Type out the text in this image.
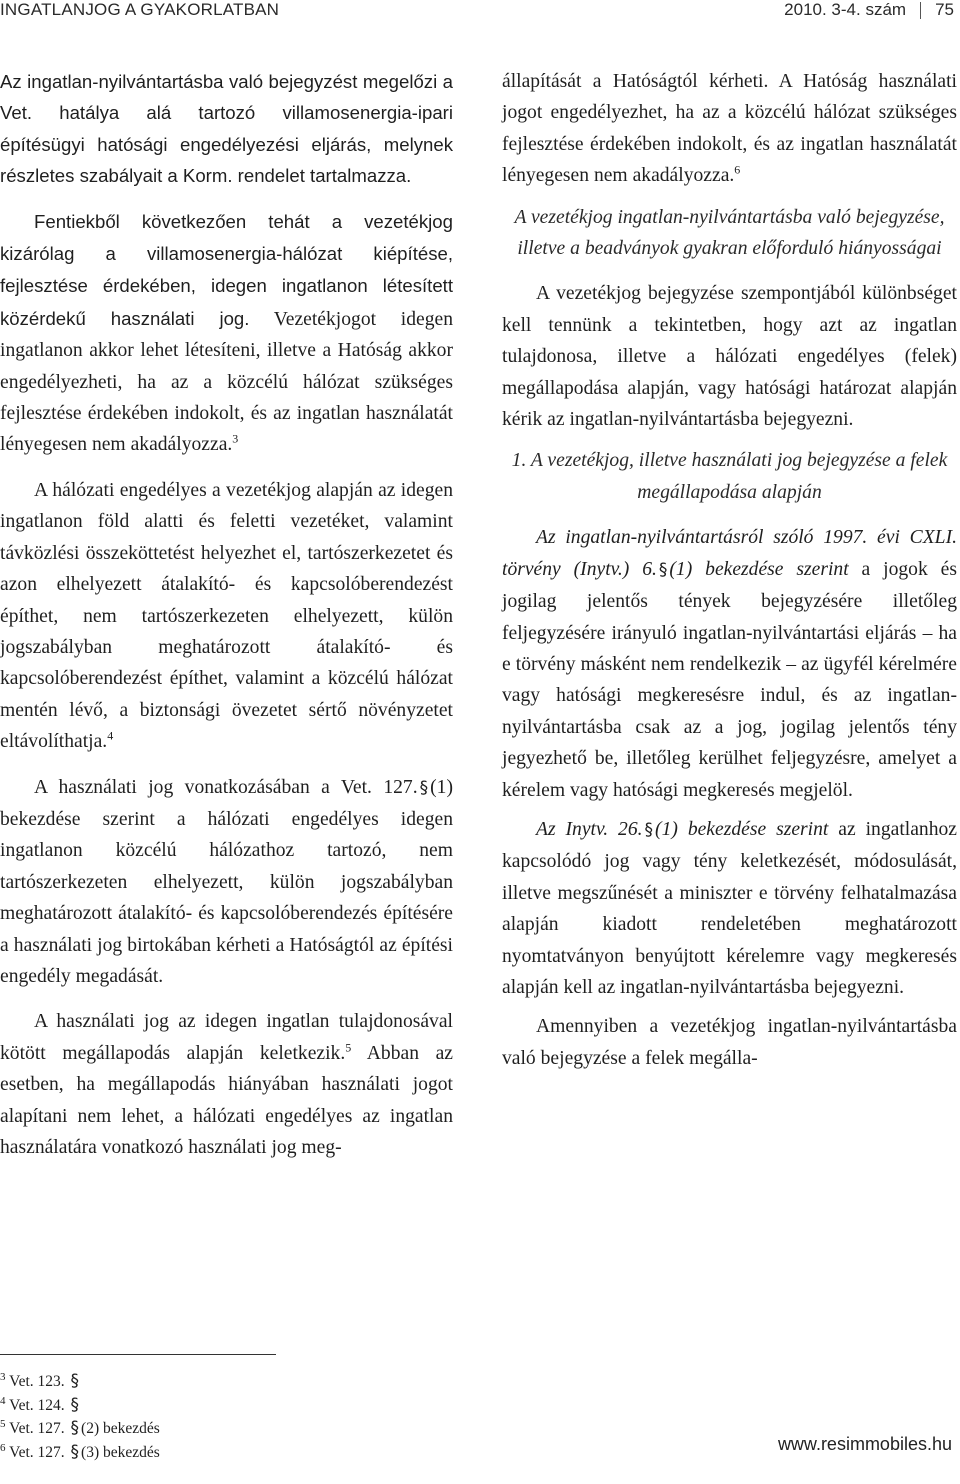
INGATLANJOG A GYAKORLATBAN	2010. 3-4. szám 75

Az ingatlan-nyilvántartásba való bejegyzést megelőzi a Vet. hatálya alá tartozó villamosenergia-ipari építésügyi hatósági engedélyezési eljárás, melynek részletes szabályait a Korm. rendelet tartalmazza.

Fentiekből következően tehát a vezetékjog kizárólag a villamosenergia-hálózat kiépítése, fejlesztése érdekében, idegen ingatlanon létesített közérdekű használati jog. Vezetékjogot idegen ingatlanon akkor lehet létesíteni, illetve a Hatóság akkor engedélyezheti, ha az a közcélú hálózat szükséges fejlesztése érdekében indokolt, és az ingatlan használatát lényegesen nem akadályozza.$^3$

A hálózati engedélyes a vezetékjog alapján az idegen ingatlanon föld alatti és feletti vezetéket, valamint távközlési összeköttetést helyezhet el, tartószerkezetet és azon elhelyezett átalakító- és kapcsolóberendezést építhet, nem tartószerkezeten elhelyezett, külön jogszabályban meghatározott átalakító- és kapcsolóberendezést építhet, valamint a közcélú hálózat mentén lévő, a biztonsági övezetet sértő növényzetet eltávolíthatja.$^4$

A használati jog vonatkozásában a Vet. 127. § (1) bekezdése szerint a hálózati engedélyes idegen ingatlanon közcélú hálózathoz tartozó, nem tartószerkezeten elhelyezett, külön jogszabályban meghatározott átalakító- és kapcsolóberendezés építésére a használati jog birtokában kérheti a Hatóságtól az építési engedély megadását.

A használati jog az idegen ingatlan tulajdonosával kötött megállapodás alapján keletkezik.$^5$ Abban az esetben, ha megállapodás hiányában használati jogot alapítani nem lehet, a hálózati engedélyes az ingatlan használatára vonatkozó használati jog meg-

állapítását a Hatóságtól kérheti. A Hatóság használati jogot engedélyezhet, ha az a közcélú hálózat szükséges fejlesztése érdekében indokolt, és az ingatlan használatát lényegesen nem akadályozza.$^6$

A vezetékjog ingatlan-nyilvántartásba való bejegyzése, illetve a beadványok gyakran előforduló hiányosságai

A vezetékjog bejegyzése szempontjából különbséget kell tennünk a tekintetben, hogy azt az ingatlan tulajdonosa, illetve a hálózati engedélyes (felek) megállapodása alapján, vagy hatósági határozat alapján kérik az ingatlan-nyilvántartásba bejegyezni.

1. A vezetékjog, illetve használati jog bejegyzése a felek megállapodása alapján

Az ingatlan-nyilvántartásról szóló 1997. évi CXLI. törvény (Inytv.) 6. § (1) bekezdése szerint a jogok és jogilag jelentős tények bejegyzésére illetőleg feljegyzésére irányuló ingatlan-nyilvántartási eljárás – ha e törvény másként nem rendelkezik – az ügyfél kérelmére vagy hatósági megkeresésre indul, és az ingatlan-nyilvántartásba csak az a jog, jogilag jelentős tény jegyezhető be, illetőleg kerülhet feljegyzésre, amelyet a kérelem vagy hatósági megkeresés megjelöl.

Az Inytv. 26. § (1) bekezdése szerint az ingatlanhoz kapcsolódó jog vagy tény keletkezését, módosulását, illetve megszűnését a miniszter e törvény felhatalmazása alapján kiadott rendeletében meghatározott nyomtatványon benyújtott kérelemre vagy megkeresés alapján kell az ingatlan-nyilvántartásba bejegyezni.

Amennyiben a vezetékjog ingatlan-nyilvántartásba való bejegyzése a felek megálla-

$^3$ Vet. 123. §
$^4$ Vet. 124. §
$^5$ Vet. 127. § (2) bekezdés
$^6$ Vet. 127. § (3) bekezdés	www.resimmobiles.hu
